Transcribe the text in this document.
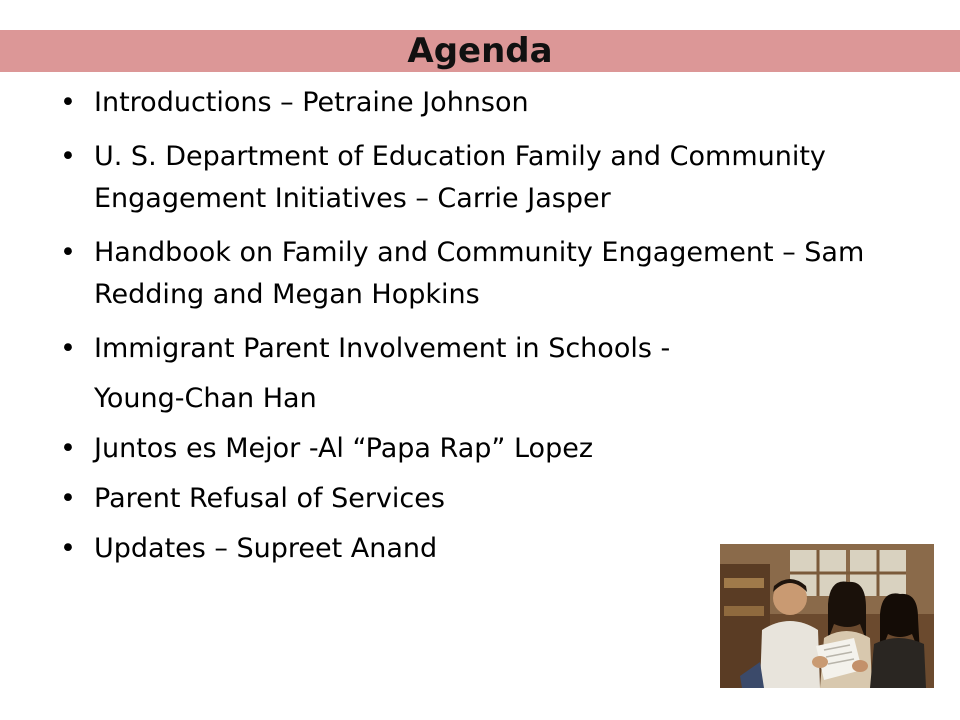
Agenda
• Introductions – Petraine Johnson
• U. S. Department of Education Family and Community Engagement Initiatives – Carrie Jasper
• Handbook on Family and Community Engagement – Sam Redding and Megan Hopkins
• Immigrant Parent Involvement in Schools -
Young-Chan Han
• Juntos es Mejor -Al “Papa Rap” Lopez
• Parent Refusal of Services
• Updates – Supreet Anand
